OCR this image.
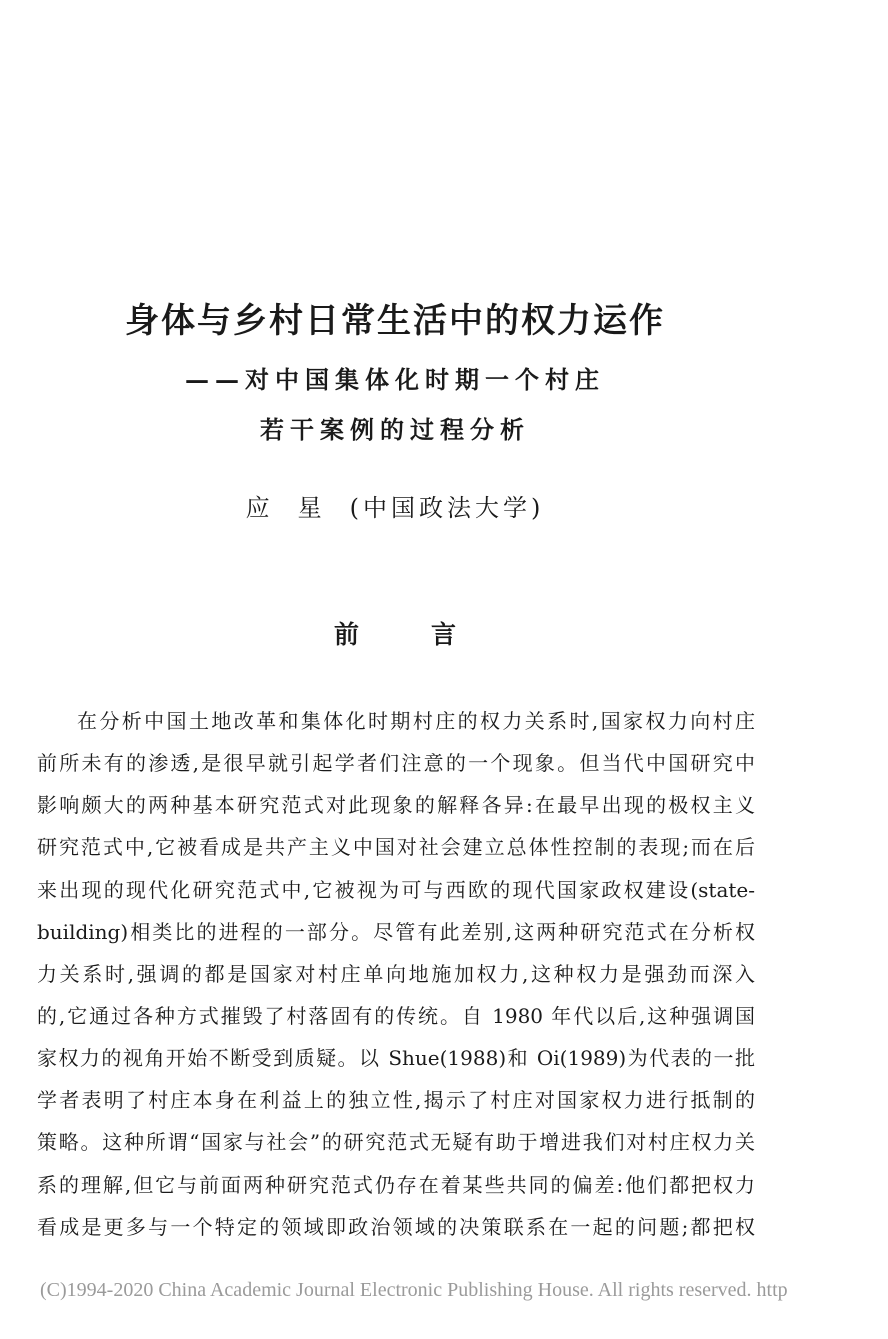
身体与乡村日常生活中的权力运作
——对中国集体化时期一个村庄
若干案例的过程分析
应星(中国政法大学)
前言
在分析中国土地改革和集体化时期村庄的权力关系时,国家权力向村庄
前所未有的渗透,是很早就引起学者们注意的一个现象。但当代中国研究中
影响颇大的两种基本研究范式对此现象的解释各异:在最早出现的极权主义
研究范式中,它被看成是共产主义中国对社会建立总体性控制的表现;而在后
来出现的现代化研究范式中,它被视为可与西欧的现代国家政权建设(state-
building)相类比的进程的一部分。尽管有此差别,这两种研究范式在分析权
力关系时,强调的都是国家对村庄单向地施加权力,这种权力是强劲而深入
的,它通过各种方式摧毁了村落固有的传统。自 1980 年代以后,这种强调国
家权力的视角开始不断受到质疑。以 Shue(1988)和 Oi(1989)为代表的一批
学者表明了村庄本身在利益上的独立性,揭示了村庄对国家权力进行抵制的
策略。这种所谓“国家与社会”的研究范式无疑有助于增进我们对村庄权力关
系的理解,但它与前面两种研究范式仍存在着某些共同的偏差:他们都把权力
看成是更多与一个特定的领域即政治领域的决策联系在一起的问题;都把权
(C)1994-2020 China Academic Journal Electronic Publishing House. All rights reserved. http
